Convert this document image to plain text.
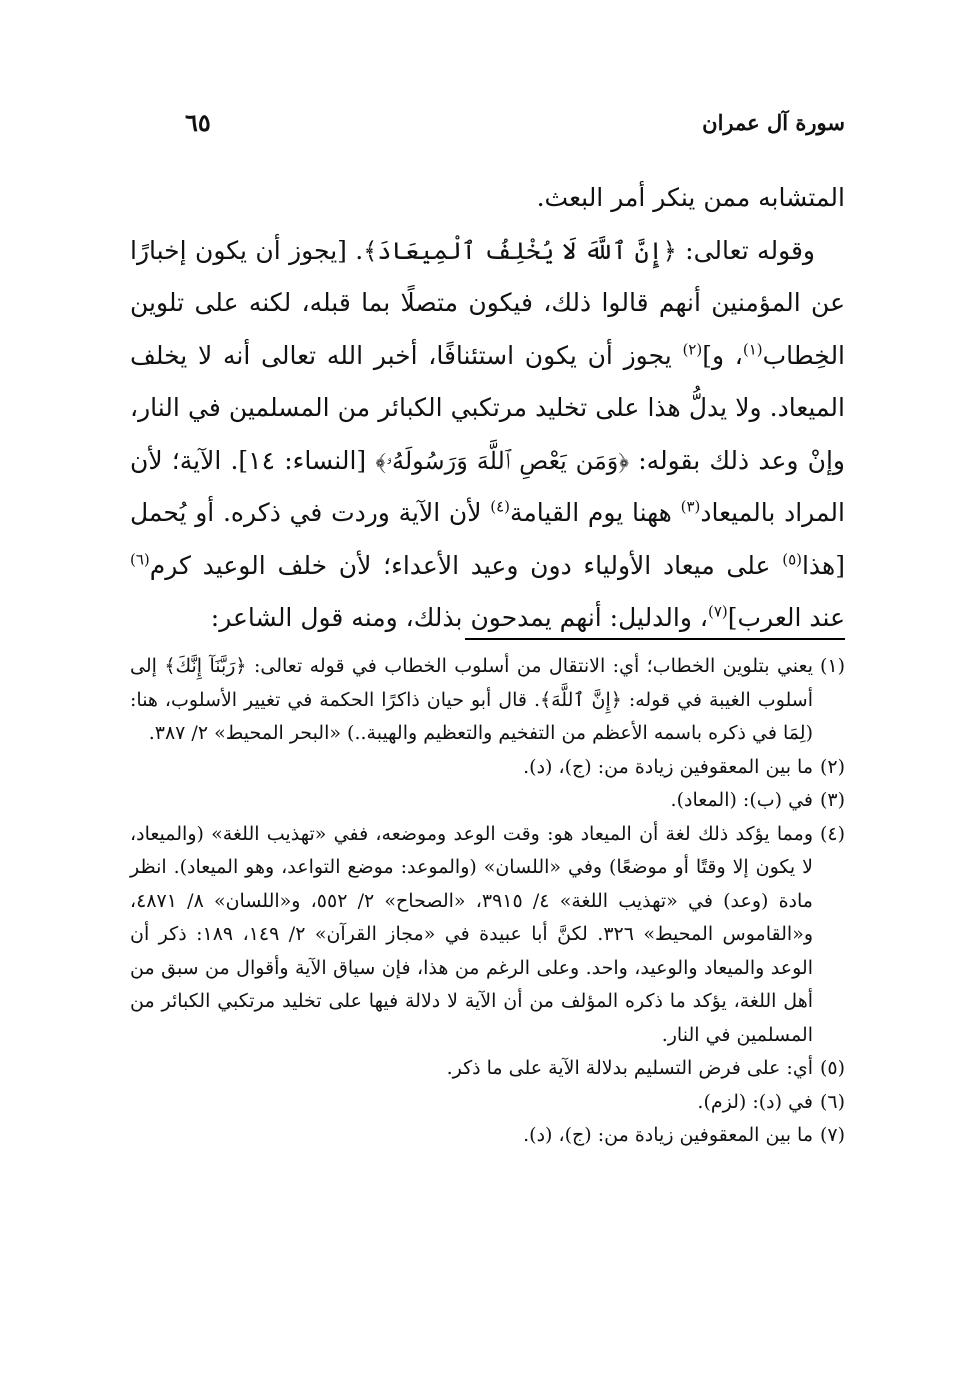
سورة آل عمران
٦٥

المتشابه ممن ينكر أمر البعث.

وقوله تعالى: ﴿إِنَّ ٱللَّهَ لَا يُخْلِفُ ٱلْمِيعَادَ﴾. [يجوز أن يكون إخبارًا عن المؤمنين أنهم قالوا ذلك، فيكون متصلًا بما قبله، لكنه على تلوين الخِطاب$^{(١)}$، و]$^{(٢)}$ يجوز أن يكون استئنافًا، أخبر الله تعالى أنه لا يخلف الميعاد. ولا يدلُّ هذا على تخليد مرتكبي الكبائر من المسلمين في النار، وإنْ وعد ذلك بقوله: ﴿وَمَن يَعْصِ ٱللَّهَ وَرَسُولَهُۥ﴾ [النساء: ١٤]. الآية؛ لأن المراد بالميعاد$^{(٣)}$ ههنا يوم القيامة$^{(٤)}$ لأن الآية وردت في ذكره. أو يُحمل [هذا$^{(٥)}$ على ميعاد الأولياء دون وعيد الأعداء؛ لأن خلف الوعيد كرم$^{(٦)}$ عند العرب]$^{(٧)}$، والدليل: أنهم يمدحون بذلك، ومنه قول الشاعر:

(١)
يعني بتلوين الخطاب؛ أي: الانتقال من أسلوب الخطاب في قوله تعالى: ﴿رَبَّنَآ إِنَّكَ﴾ إلى أسلوب الغيبة في قوله: ﴿إِنَّ ٱللَّهَ﴾. قال أبو حيان ذاكرًا الحكمة في تغيير الأسلوب، هنا: (لِمَا في ذكره باسمه الأعظم من التفخيم والتعظيم والهيبة..) «البحر المحيط» ٢/ ٣٨٧.
(٢)
ما بين المعقوفين زيادة من: (ج)، (د).
(٣)
في (ب): (المعاد).
(٤)
ومما يؤكد ذلك لغة أن الميعاد هو: وقت الوعد وموضعه، ففي «تهذيب اللغة» (والميعاد، لا يكون إلا وقتًا أو موضعًا) وفي «اللسان» (والموعد: موضع التواعد، وهو الميعاد). انظر مادة (وعد) في «تهذيب اللغة» ٤/ ٣٩١٥، «الصحاح» ٢/ ٥٥٢، و«اللسان» ٨/ ٤٨٧١، و«القاموس المحيط» ٣٢٦. لكنَّ أبا عبيدة في «مجاز القرآن» ٢/ ١٤٩، ١٨٩: ذكر أن الوعد والميعاد والوعيد، واحد. وعلى الرغم من هذا، فإن سياق الآية وأقوال من سبق من أهل اللغة، يؤكد ما ذكره المؤلف من أن الآية لا دلالة فيها على تخليد مرتكبي الكبائر من المسلمين في النار.
(٥)
أي: على فرض التسليم بدلالة الآية على ما ذكر.
(٦)
في (د): (لزم).
(٧)
ما بين المعقوفين زيادة من: (ج)، (د).
